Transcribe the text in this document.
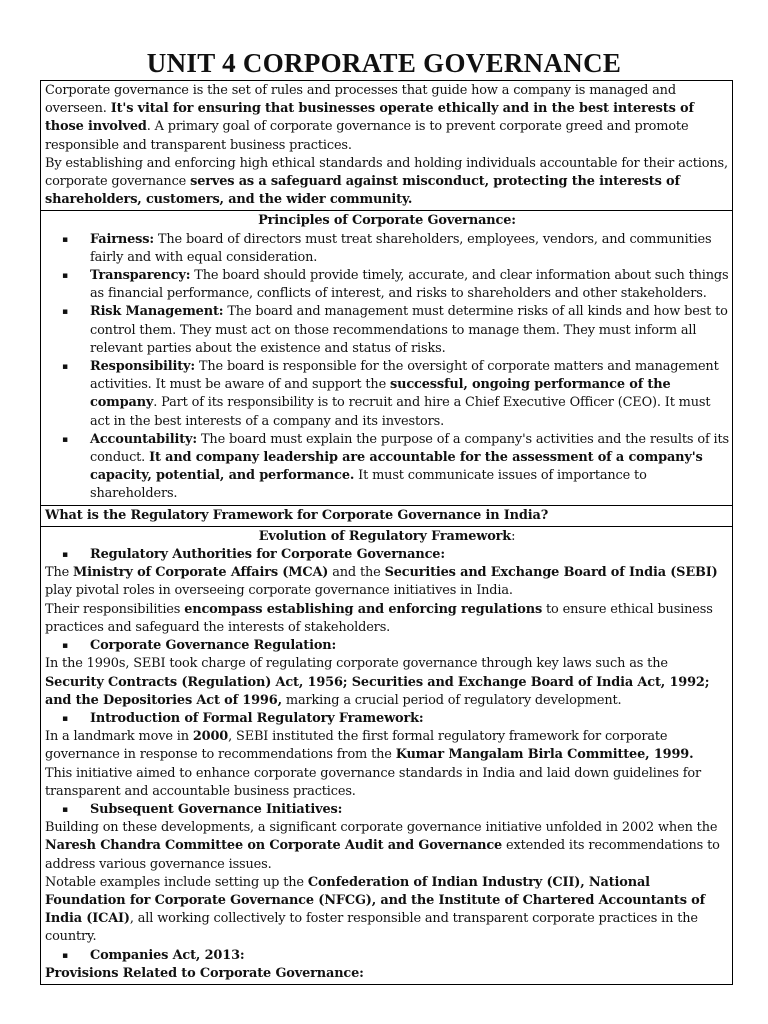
UNIT 4 CORPORATE GOVERNANCE

Corporate governance is the set of rules and processes that guide how a company is managed and overseen. It's vital for ensuring that businesses operate ethically and in the best interests of those involved. A primary goal of corporate governance is to prevent corporate greed and promote responsible and transparent business practices.

By establishing and enforcing high ethical standards and holding individuals accountable for their actions, corporate governance serves as a safeguard against misconduct, protecting the interests of shareholders, customers, and the wider community.

Principles of Corporate Governance:
▪	Fairness: The board of directors must treat shareholders, employees, vendors, and communities fairly and with equal consideration.
▪	Transparency: The board should provide timely, accurate, and clear information about such things as financial performance, conflicts of interest, and risks to shareholders and other stakeholders.
▪	Risk Management: The board and management must determine risks of all kinds and how best to control them. They must act on those recommendations to manage them. They must inform all relevant parties about the existence and status of risks.
▪	Responsibility: The board is responsible for the oversight of corporate matters and management activities. It must be aware of and support the successful, ongoing performance of the company. Part of its responsibility is to recruit and hire a Chief Executive Officer (CEO). It must act in the best interests of a company and its investors.
▪	Accountability: The board must explain the purpose of a company's activities and the results of its conduct. It and company leadership are accountable for the assessment of a company's capacity, potential, and performance. It must communicate issues of importance to shareholders.
What is the Regulatory Framework for Corporate Governance in India?
Evolution of Regulatory Framework:
▪	Regulatory Authorities for Corporate Governance:

The Ministry of Corporate Affairs (MCA) and the Securities and Exchange Board of India (SEBI) play pivotal roles in overseeing corporate governance initiatives in India.

Their responsibilities encompass establishing and enforcing regulations to ensure ethical business practices and safeguard the interests of stakeholders.

▪	Corporate Governance Regulation:

In the 1990s, SEBI took charge of regulating corporate governance through key laws such as the Security Contracts (Regulation) Act, 1956; Securities and Exchange Board of India Act, 1992; and the Depositories Act of 1996, marking a crucial period of regulatory development.

▪	Introduction of Formal Regulatory Framework:

In a landmark move in 2000, SEBI instituted the first formal regulatory framework for corporate governance in response to recommendations from the Kumar Mangalam Birla Committee, 1999.

This initiative aimed to enhance corporate governance standards in India and laid down guidelines for transparent and accountable business practices.

▪	Subsequent Governance Initiatives:

Building on these developments, a significant corporate governance initiative unfolded in 2002 when the Naresh Chandra Committee on Corporate Audit and Governance extended its recommendations to address various governance issues.

Notable examples include setting up the Confederation of Indian Industry (CII), National Foundation for Corporate Governance (NFCG), and the Institute of Chartered Accountants of India (ICAI), all working collectively to foster responsible and transparent corporate practices in the country.

▪	Companies Act, 2013:

Provisions Related to Corporate Governance:
